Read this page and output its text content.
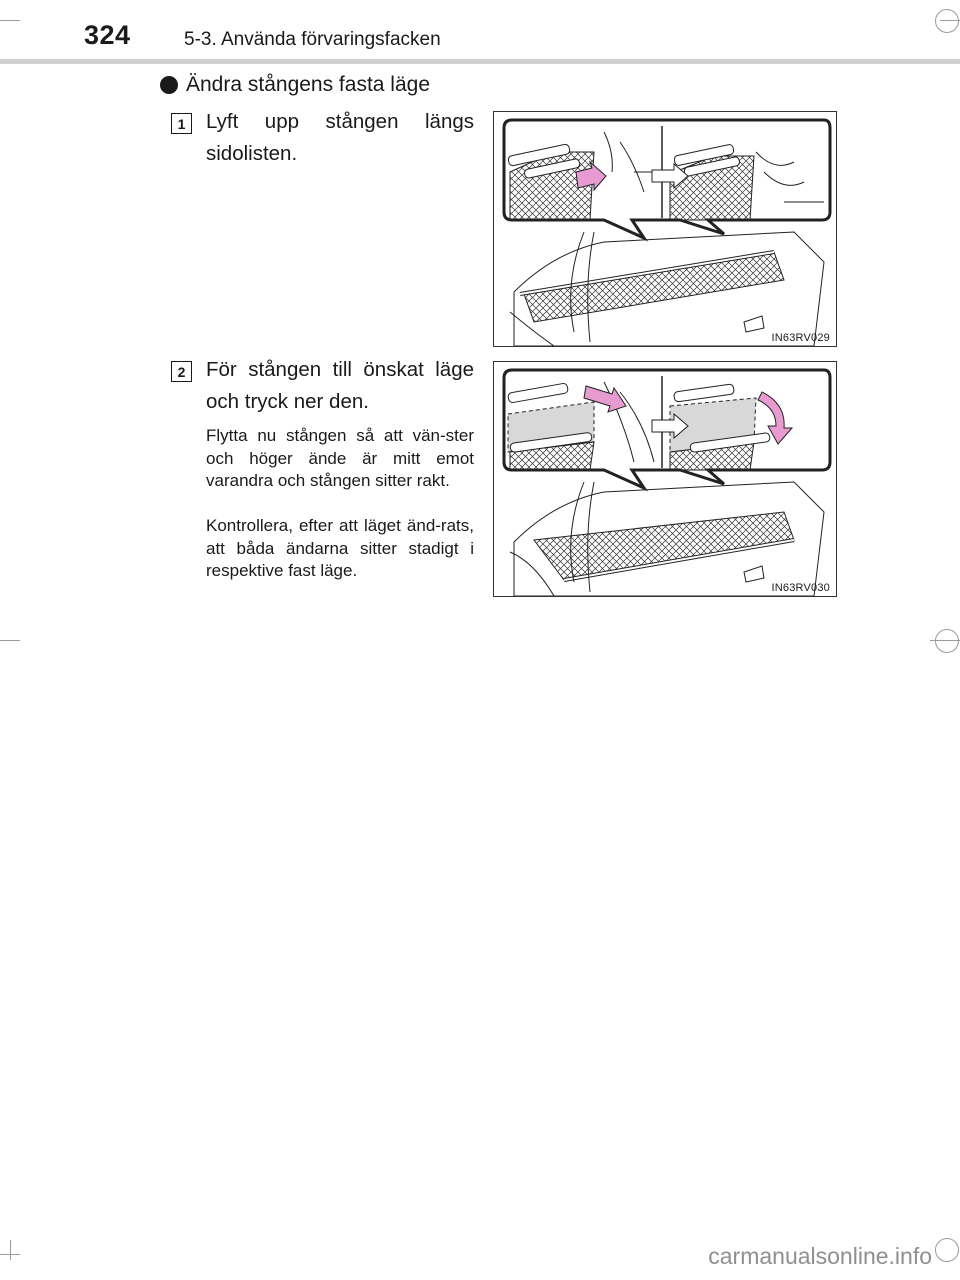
324	5-3. Använda förvaringsfacken
Ändra stångens fasta läge
1	Lyft upp stången längs sidolisten.
IN63RV029
2	För stången till önskat läge och tryck ner den.
Flytta nu stången så att vän-ster och höger ände är mitt emot varandra och stången sitter rakt.
Kontrollera, efter att läget änd-rats, att båda ändarna sitter stadigt i respektive fast läge.
IN63RV030
carmanualsonline.info
